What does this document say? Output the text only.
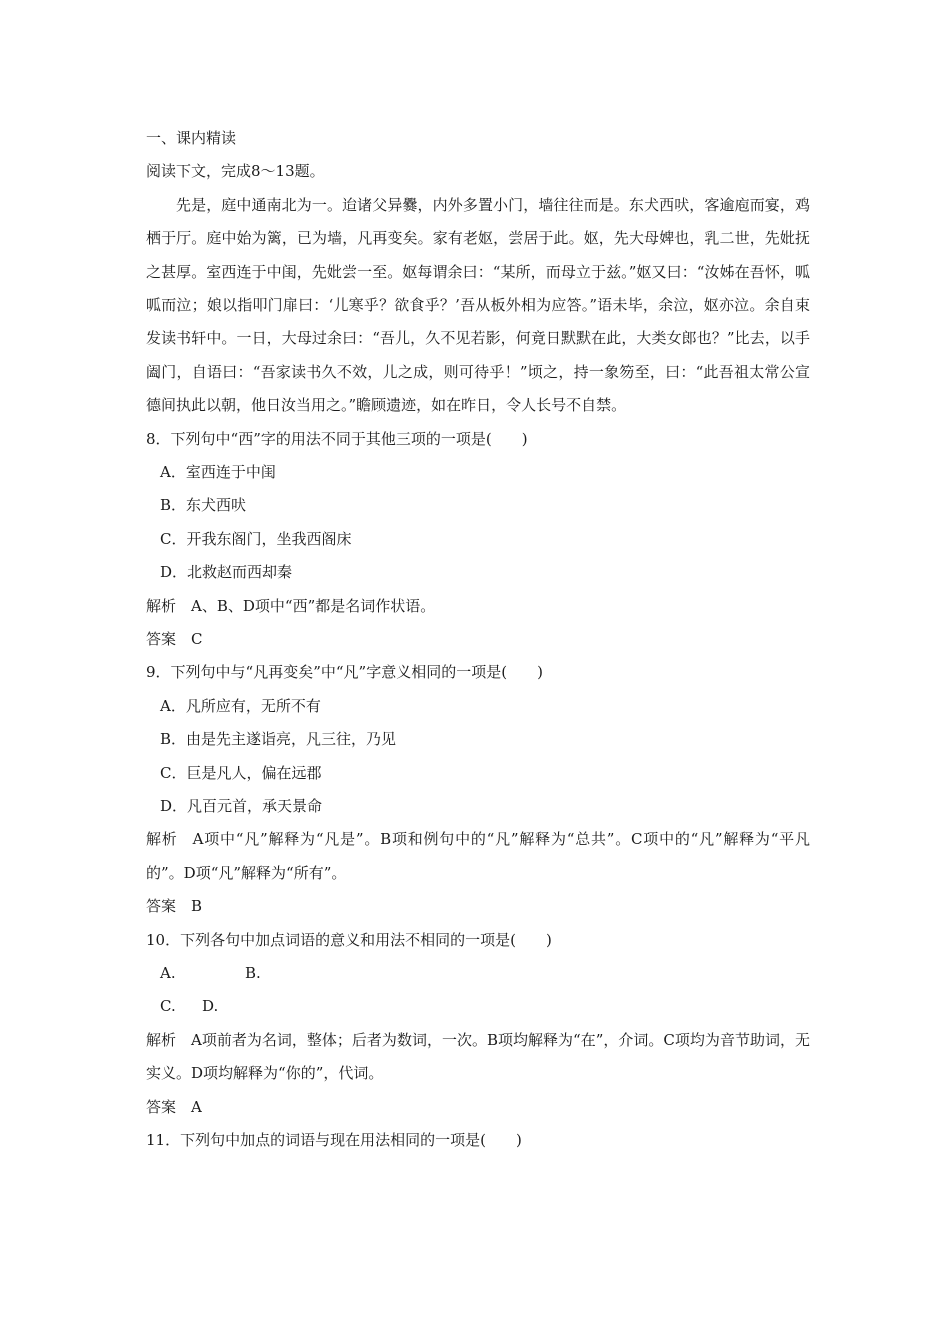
一、课内精读
阅读下文，完成8～13题。

先是，庭中通南北为一。迨诸父异爨，内外多置小门，墙往往而是。东犬西吠，客逾庖而宴，鸡栖于厅。庭中始为篱，已为墙，凡再变矣。家有老妪，尝居于此。妪，先大母婢也，乳二世，先妣抚之甚厚。室西连于中闺，先妣尝一至。妪每谓余曰：“某所，而母立于兹。”妪又曰：“汝姊在吾怀，呱呱而泣；娘以指叩门扉曰：‘儿寒乎？欲食乎？’吾从板外相为应答。”语未毕，余泣，妪亦泣。余自束发读书轩中。一日，大母过余曰：“吾儿，久不见若影，何竟日默默在此，大类女郎也？”比去，以手阖门，自语曰：“吾家读书久不效，儿之成，则可待乎！”顷之，持一象笏至，曰：“此吾祖太常公宣德间执此以朝，他日汝当用之。”瞻顾遗迹，如在昨日，令人长号不自禁。

8．下列句中“西”字的用法不同于其他三项的一项是(　　)
A．室西连于中闺
B．东犬西吠
C．开我东阁门，坐我西阁床
D．北救赵而西却秦
解析 A、B、D项中“西”都是名词作状语。
答案 C
9．下列句中与“凡再变矣”中“凡”字意义相同的一项是(　　)
A．凡所应有，无所不有
B．由是先主遂诣亮，凡三往，乃见
C．巨是凡人，偏在远郡
D．凡百元首，承天景命

解析 A项中“凡”解释为“凡是”。B项和例句中的“凡”解释为“总共”。C项中的“凡”解释为“平凡的”。D项“凡”解释为“所有”。

答案 B
10．下列各句中加点词语的意义和用法不相同的一项是(　　)
A.	B.
C.	D.

解析 A项前者为名词，整体；后者为数词，一次。B项均解释为“在”，介词。C项均为音节助词，无实义。D项均解释为“你的”，代词。

答案 A
11．下列句中加点的词语与现在用法相同的一项是(　　)
